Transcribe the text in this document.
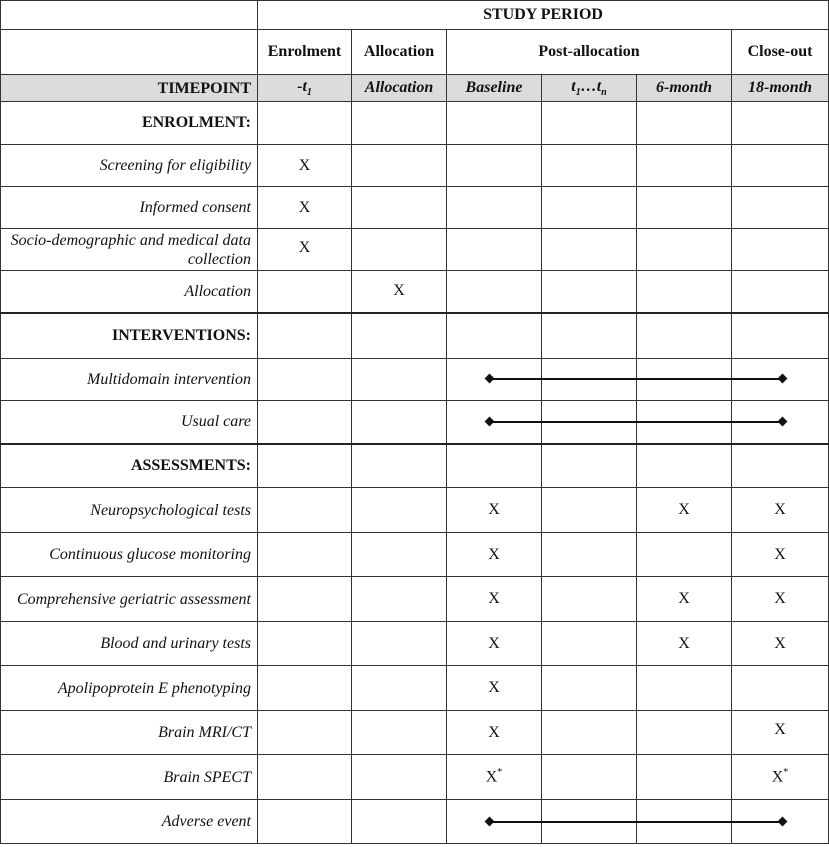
	STUDY PERIOD					
	Enrolment	Allocation	Post-allocation			Close-out
TIMEPOINT	$-t_1$	Allocation	Baseline	$t_1\dots t_n$	6-month	18-month
ENROLMENT:						
Screening for eligibility	X					
Informed consent	X					
Socio-demographic and medical data collection	X					
Allocation		X				
INTERVENTIONS:						
Multidomain intervention						
Usual care						
ASSESSMENTS:						
Neuropsychological tests			X		X	X
Continuous glucose monitoring			X			X
Comprehensive geriatric assessment			X		X	X
Blood and urinary tests			X		X	X
Apolipoprotein E phenotyping			X			
Brain MRI/CT			X			X
Brain SPECT			X*			X*
Adverse event						
